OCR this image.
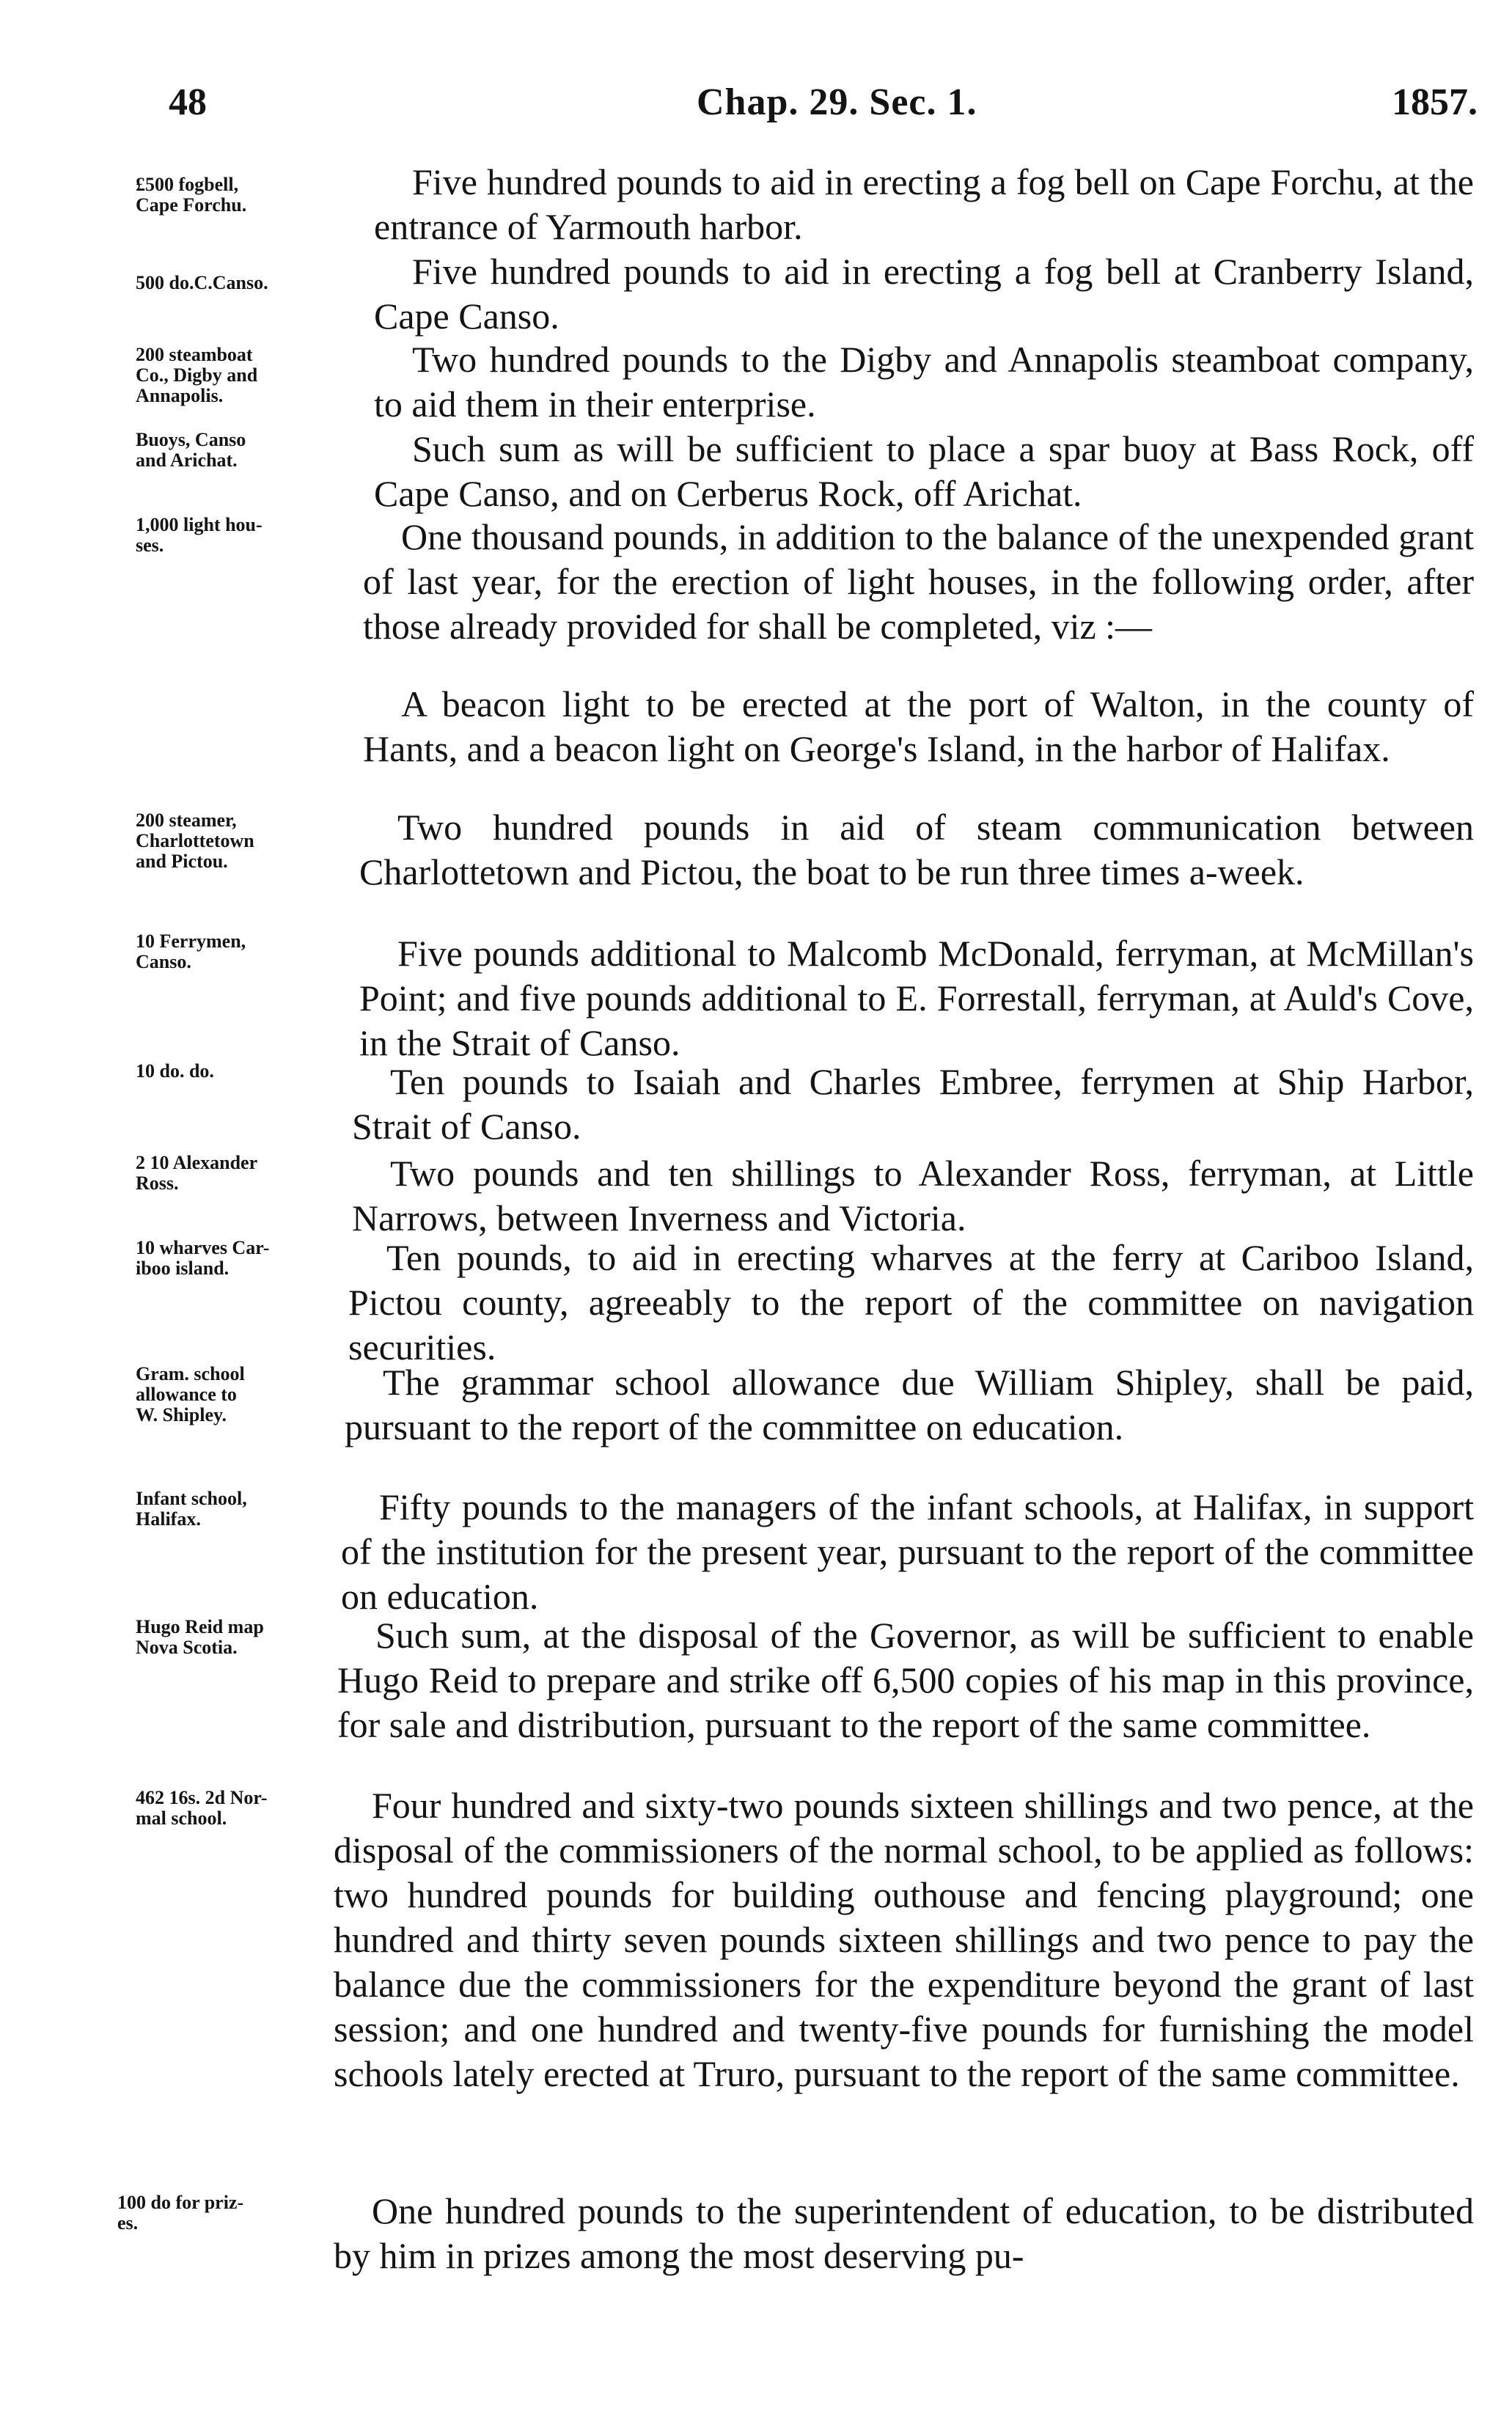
48	Chap. 29. Sec. 1.	1857.
£500 fogbell,
Cape Forchu.
Five hundred pounds to aid in erecting a fog bell on Cape Forchu, at the entrance of Yarmouth harbor.
500 do.C.Canso.	Five hundred pounds to aid in erecting a fog bell at Cranberry Island, Cape Canso.
200 steamboat
Co., Digby and
Annapolis.
Two hundred pounds to the Digby and Annapolis steamboat company, to aid them in their enterprise.
Buoys, Canso
and Arichat.	Such sum as will be sufficient to place a spar buoy at Bass Rock, off Cape Canso, and on Cerberus Rock, off Arichat.
1,000 light hou-
ses.	One thousand pounds, in addition to the balance of the unexpended grant of last year, for the erection of light houses, in the following order, after those already provided for shall be completed, viz :—
A beacon light to be erected at the port of Walton, in the county of Hants, and a beacon light on George's Island, in the harbor of Halifax.
200 steamer,
Charlottetown
and Pictou.
Two hundred pounds in aid of steam communication between Charlottetown and Pictou, the boat to be run three times a-week.
10 Ferrymen,
Canso.	Five pounds additional to Malcomb McDonald, ferryman, at McMillan's Point; and five pounds additional to E. Forrestall, ferryman, at Auld's Cove, in the Strait of Canso.
10 do. do.	Ten pounds to Isaiah and Charles Embree, ferrymen at Ship Harbor, Strait of Canso.
2 10 Alexander
Ross.	Two pounds and ten shillings to Alexander Ross, ferryman, at Little Narrows, between Inverness and Victoria.
10 wharves Car-
iboo island.	Ten pounds, to aid in erecting wharves at the ferry at Cariboo Island, Pictou county, agreeably to the report of the committee on navigation securities.
Gram. school
allowance to
W. Shipley.
The grammar school allowance due William Shipley, shall be paid, pursuant to the report of the committee on education.
Infant school,
Halifax.	Fifty pounds to the managers of the infant schools, at Halifax, in support of the institution for the present year, pursuant to the report of the committee on education.
Hugo Reid map
Nova Scotia.	Such sum, at the disposal of the Governor, as will be sufficient to enable Hugo Reid to prepare and strike off 6,500 copies of his map in this province, for sale and distribution, pursuant to the report of the same committee.
462 16s. 2d Nor-
mal school.	Four hundred and sixty-two pounds sixteen shillings and two pence, at the disposal of the commissioners of the normal school, to be applied as follows: two hundred pounds for building outhouse and fencing playground; one hundred and thirty seven pounds sixteen shillings and two pence to pay the balance due the commissioners for the expenditure beyond the grant of last session; and one hundred and twenty-five pounds for furnishing the model schools lately erected at Truro, pursuant to the report of the same committee.
100 do for priz-
es.	One hundred pounds to the superintendent of education, to be distributed by him in prizes among the most deserving pu-
